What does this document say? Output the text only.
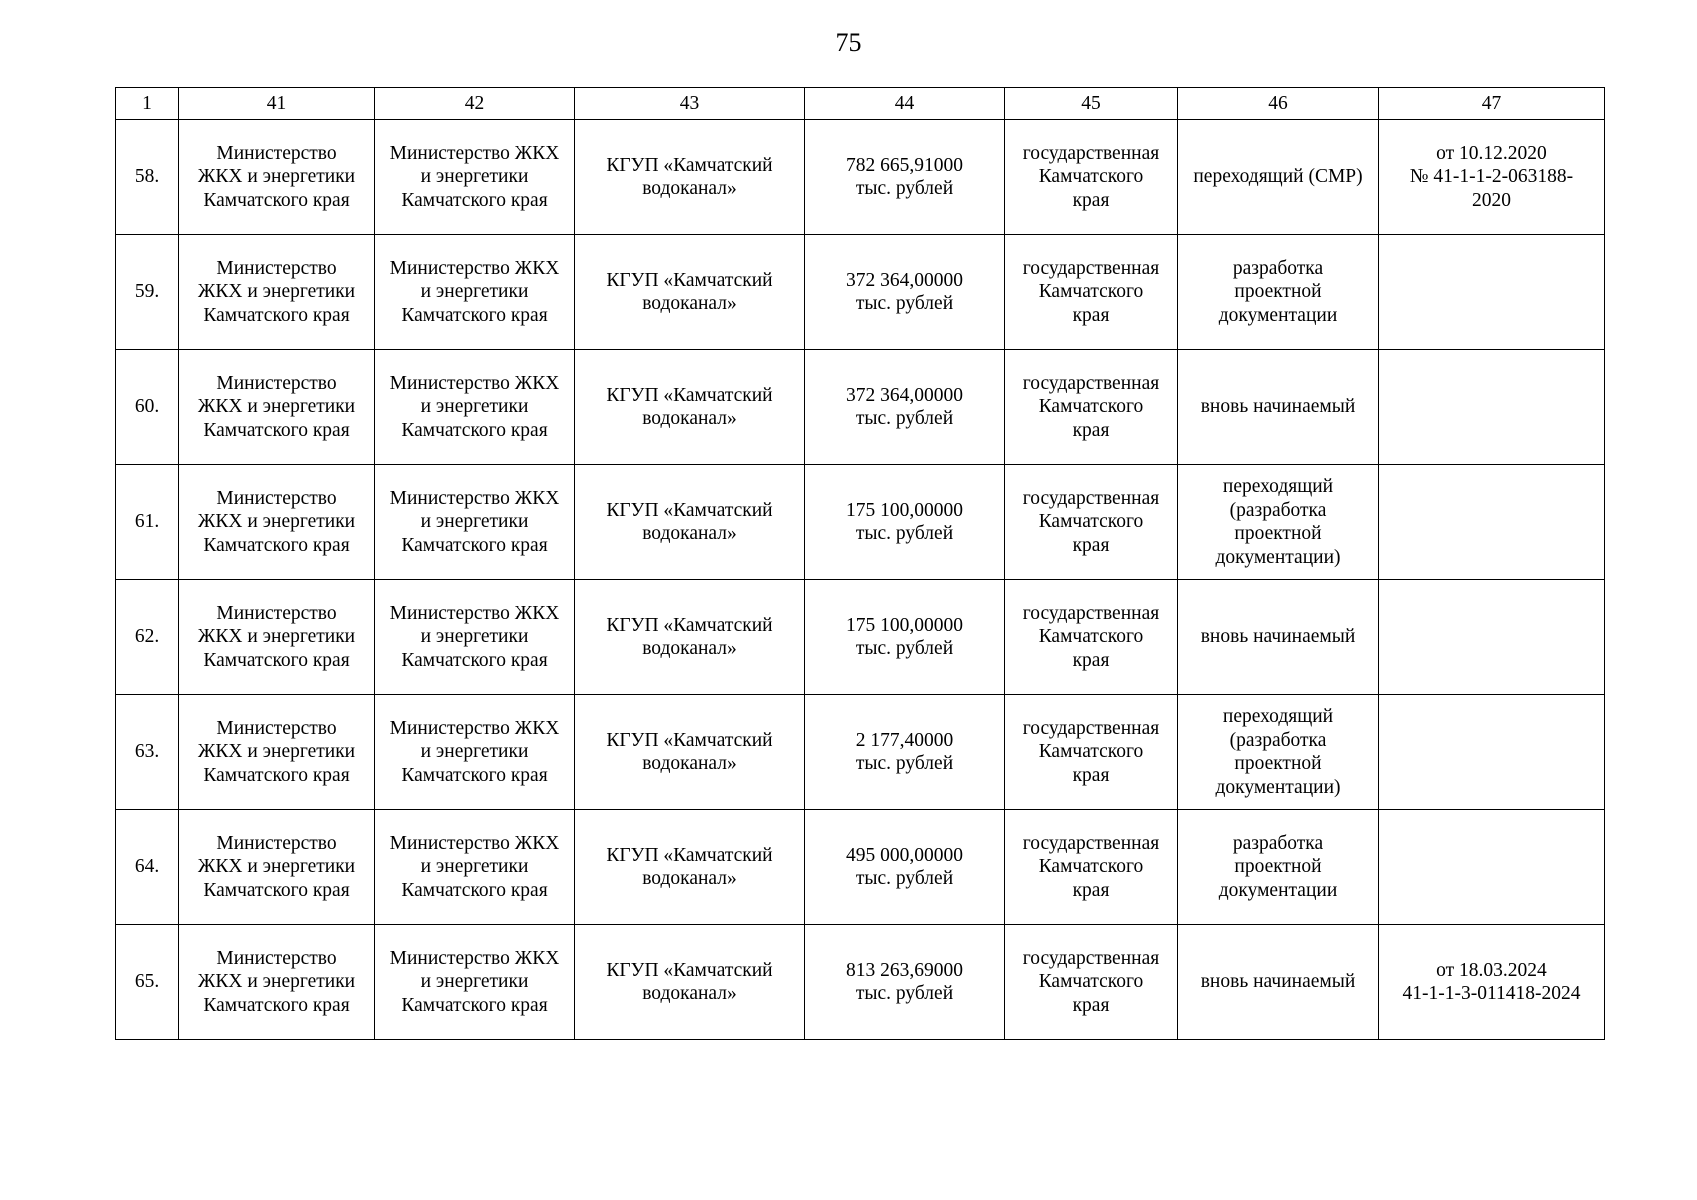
75
1	41	42	43	44	45	46	47
58.	Министерство
ЖКХ и энергетики
Камчатского края	Министерство ЖКХ
и энергетики
Камчатского края	КГУП «Камчатский
водоканал»	782 665,91000
тыс. рублей	государственная
Камчатского
края	переходящий (СМР)	от 10.12.2020
№ 41-1-1-2-063188-
2020
59.	Министерство
ЖКХ и энергетики
Камчатского края	Министерство ЖКХ
и энергетики
Камчатского края	КГУП «Камчатский
водоканал»	372 364,00000
тыс. рублей	государственная
Камчатского
края	разработка
проектной
документации	
60.	Министерство
ЖКХ и энергетики
Камчатского края	Министерство ЖКХ
и энергетики
Камчатского края	КГУП «Камчатский
водоканал»	372 364,00000
тыс. рублей	государственная
Камчатского
края	вновь начинаемый	
61.	Министерство
ЖКХ и энергетики
Камчатского края	Министерство ЖКХ
и энергетики
Камчатского края	КГУП «Камчатский
водоканал»	175 100,00000
тыс. рублей	государственная
Камчатского
края	переходящий
(разработка
проектной
документации)	
62.	Министерство
ЖКХ и энергетики
Камчатского края	Министерство ЖКХ
и энергетики
Камчатского края	КГУП «Камчатский
водоканал»	175 100,00000
тыс. рублей	государственная
Камчатского
края	вновь начинаемый	
63.	Министерство
ЖКХ и энергетики
Камчатского края	Министерство ЖКХ
и энергетики
Камчатского края	КГУП «Камчатский
водоканал»	2 177,40000
тыс. рублей	государственная
Камчатского
края	переходящий
(разработка
проектной
документации)	
64.	Министерство
ЖКХ и энергетики
Камчатского края	Министерство ЖКХ
и энергетики
Камчатского края	КГУП «Камчатский
водоканал»	495 000,00000
тыс. рублей	государственная
Камчатского
края	разработка
проектной
документации	
65.	Министерство
ЖКХ и энергетики
Камчатского края	Министерство ЖКХ
и энергетики
Камчатского края	КГУП «Камчатский
водоканал»	813 263,69000
тыс. рублей	государственная
Камчатского
края	вновь начинаемый	от 18.03.2024
41-1-1-3-011418-2024
